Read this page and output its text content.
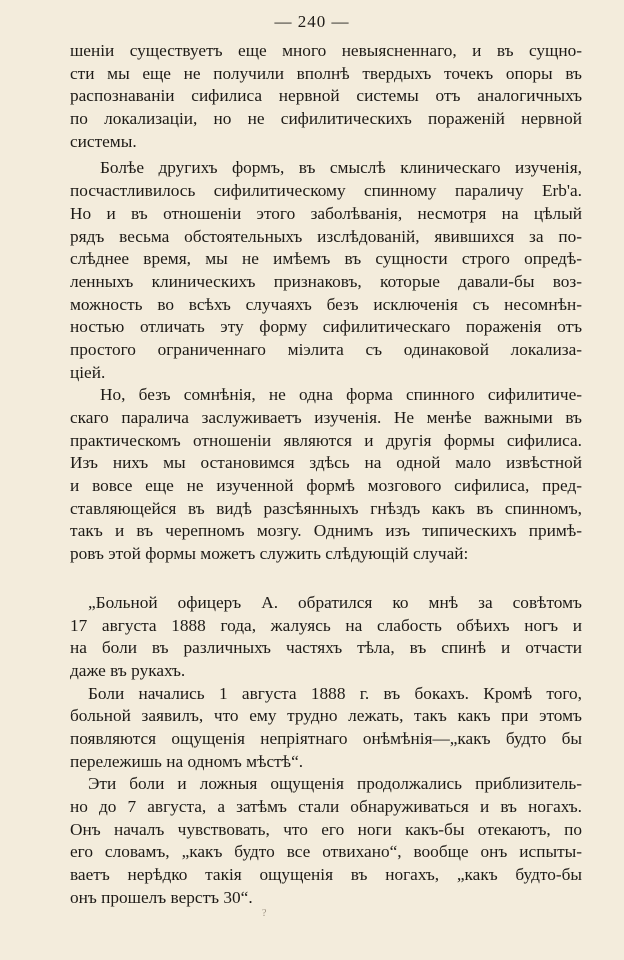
— 240 —
шеніи существуетъ еще много невыясненнаго, и въ сущно-
сти мы еще не получили вполнѣ твердыхъ точекъ опоры въ
распознаваніи сифилиса нервной системы отъ аналогичныхъ
по локализаціи, но не сифилитическихъ пораженій нервной
системы.
Болѣе другихъ формъ, въ смыслѣ клиническаго изученія,
посчастливилось сифилитическому спинному параличу Erb'а.
Но и въ отношеніи этого заболѣванія, несмотря на цѣлый
рядъ весьма обстоятельныхъ изслѣдованій, явившихся за по-
слѣднее время, мы не имѣемъ въ сущности строго опредѣ-
ленныхъ клиническихъ признаковъ, которые давали-бы воз-
можность во всѣхъ случаяхъ безъ исключенія съ несомнѣн-
ностью отличать эту форму сифилитическаго пораженія отъ
простого ограниченнаго міэлита съ одинаковой локализа-
ціей.
Но, безъ сомнѣнія, не одна форма спинного сифилитиче-
скаго паралича заслуживаетъ изученія. Не менѣе важными въ
практическомъ отношеніи являются и другія формы сифилиса.
Изъ нихъ мы остановимся здѣсь на одной мало извѣстной
и вовсе еще не изученной формѣ мозгового сифилиса, пред-
ставляющейся въ видѣ разсѣянныхъ гнѣздъ какъ въ спинномъ,
такъ и въ черепномъ мозгу. Однимъ изъ типическихъ примѣ-
ровъ этой формы можетъ служить слѣдующій случай:
„Больной офицеръ А. обратился ко мнѣ за совѣтомъ
17 августа 1888 года, жалуясь на слабость обѣихъ ногъ и
на боли въ различныхъ частяхъ тѣла, въ спинѣ и отчасти
даже въ рукахъ.
Боли начались 1 августа 1888 г. въ бокахъ. Кромѣ того,
больной заявилъ, что ему трудно лежать, такъ какъ при этомъ
появляются ощущенія непріятнаго онѣмѣнія—„какъ будто бы
перележишь на одномъ мѣстѣ“.
Эти боли и ложныя ощущенія продолжались приблизитель-
но до 7 августа, а затѣмъ стали обнаруживаться и въ ногахъ.
Онъ началъ чувствовать, что его ноги какъ-бы отекаютъ, по
его словамъ, „какъ будто все отвихано“, вообще онъ испыты-
ваетъ нерѣдко такія ощущенія въ ногахъ, „какъ будто-бы
онъ прошелъ верстъ 30“.
?
